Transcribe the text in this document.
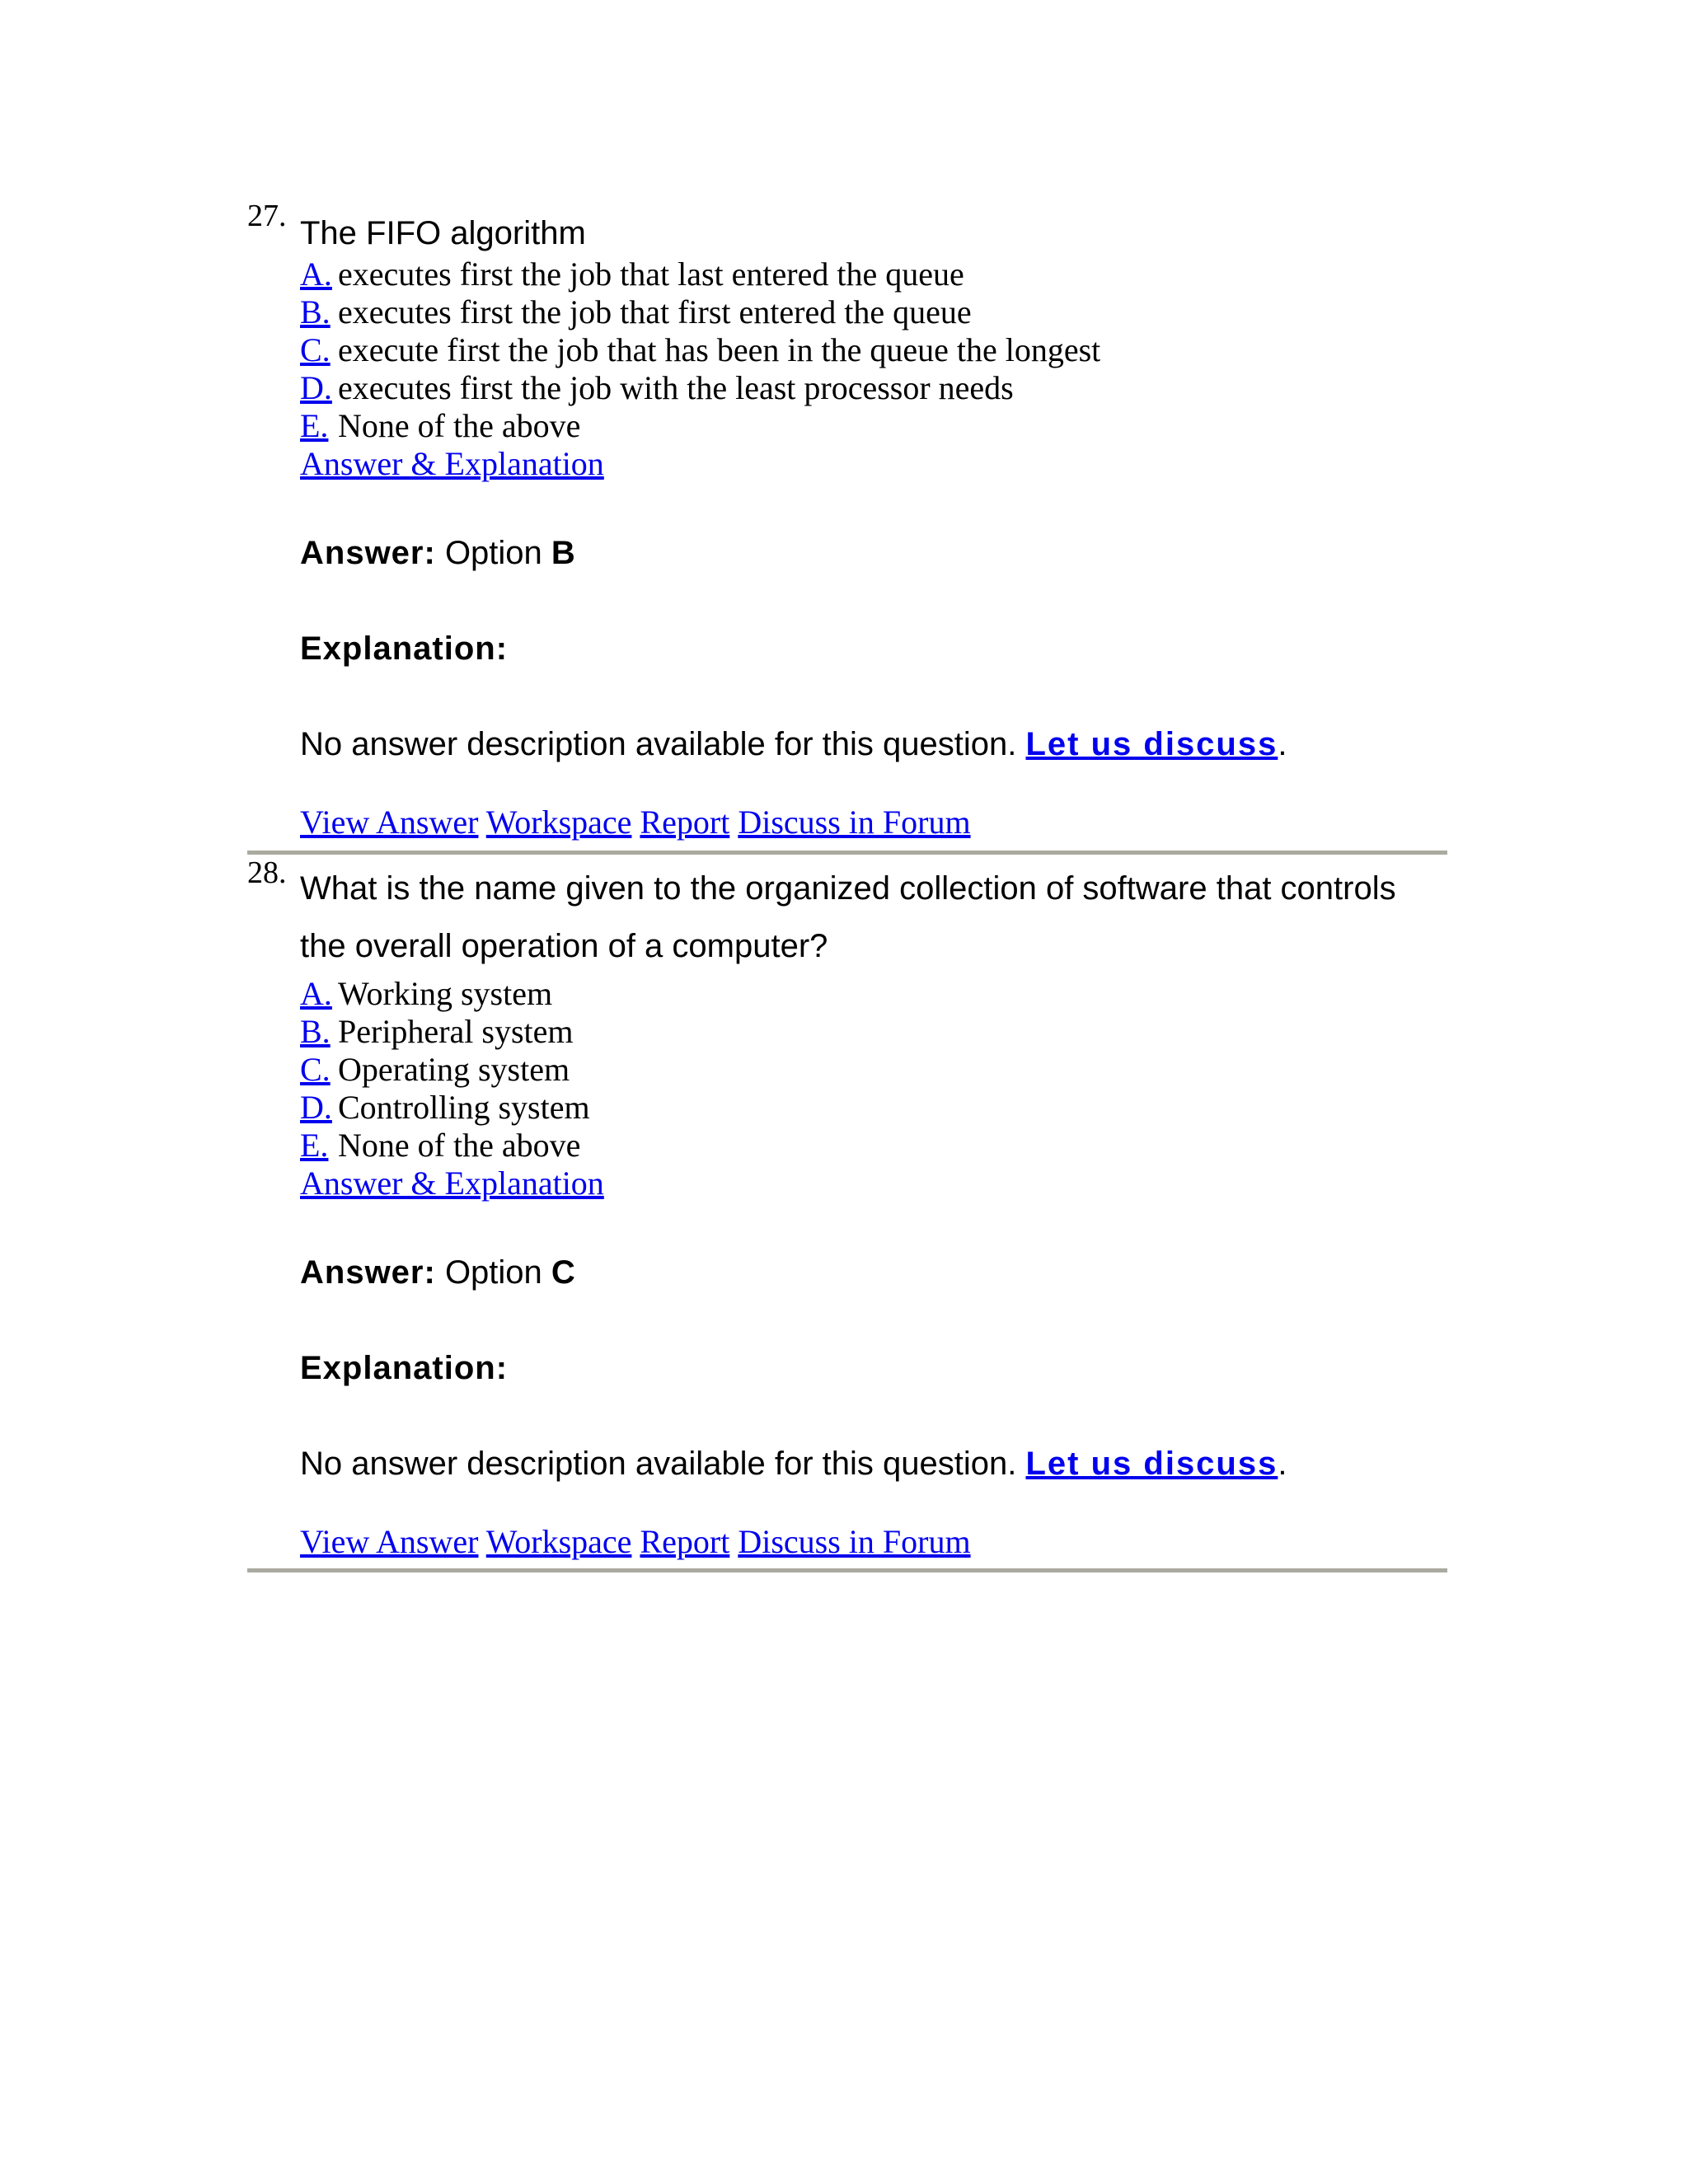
27. The FIFO algorithm
A. executes first the job that last entered the queue
B. executes first the job that first entered the queue
C. execute first the job that has been in the queue the longest
D. executes first the job with the least processor needs
E. None of the above
Answer & Explanation
Answer: Option B
Explanation:
No answer description available for this question. Let us discuss.
View Answer Workspace Report Discuss in Forum
28. What is the name given to the organized collection of software that controls the overall operation of a computer?
A. Working system
B. Peripheral system
C. Operating system
D. Controlling system
E. None of the above
Answer & Explanation
Answer: Option C
Explanation:
No answer description available for this question. Let us discuss.
View Answer Workspace Report Discuss in Forum
